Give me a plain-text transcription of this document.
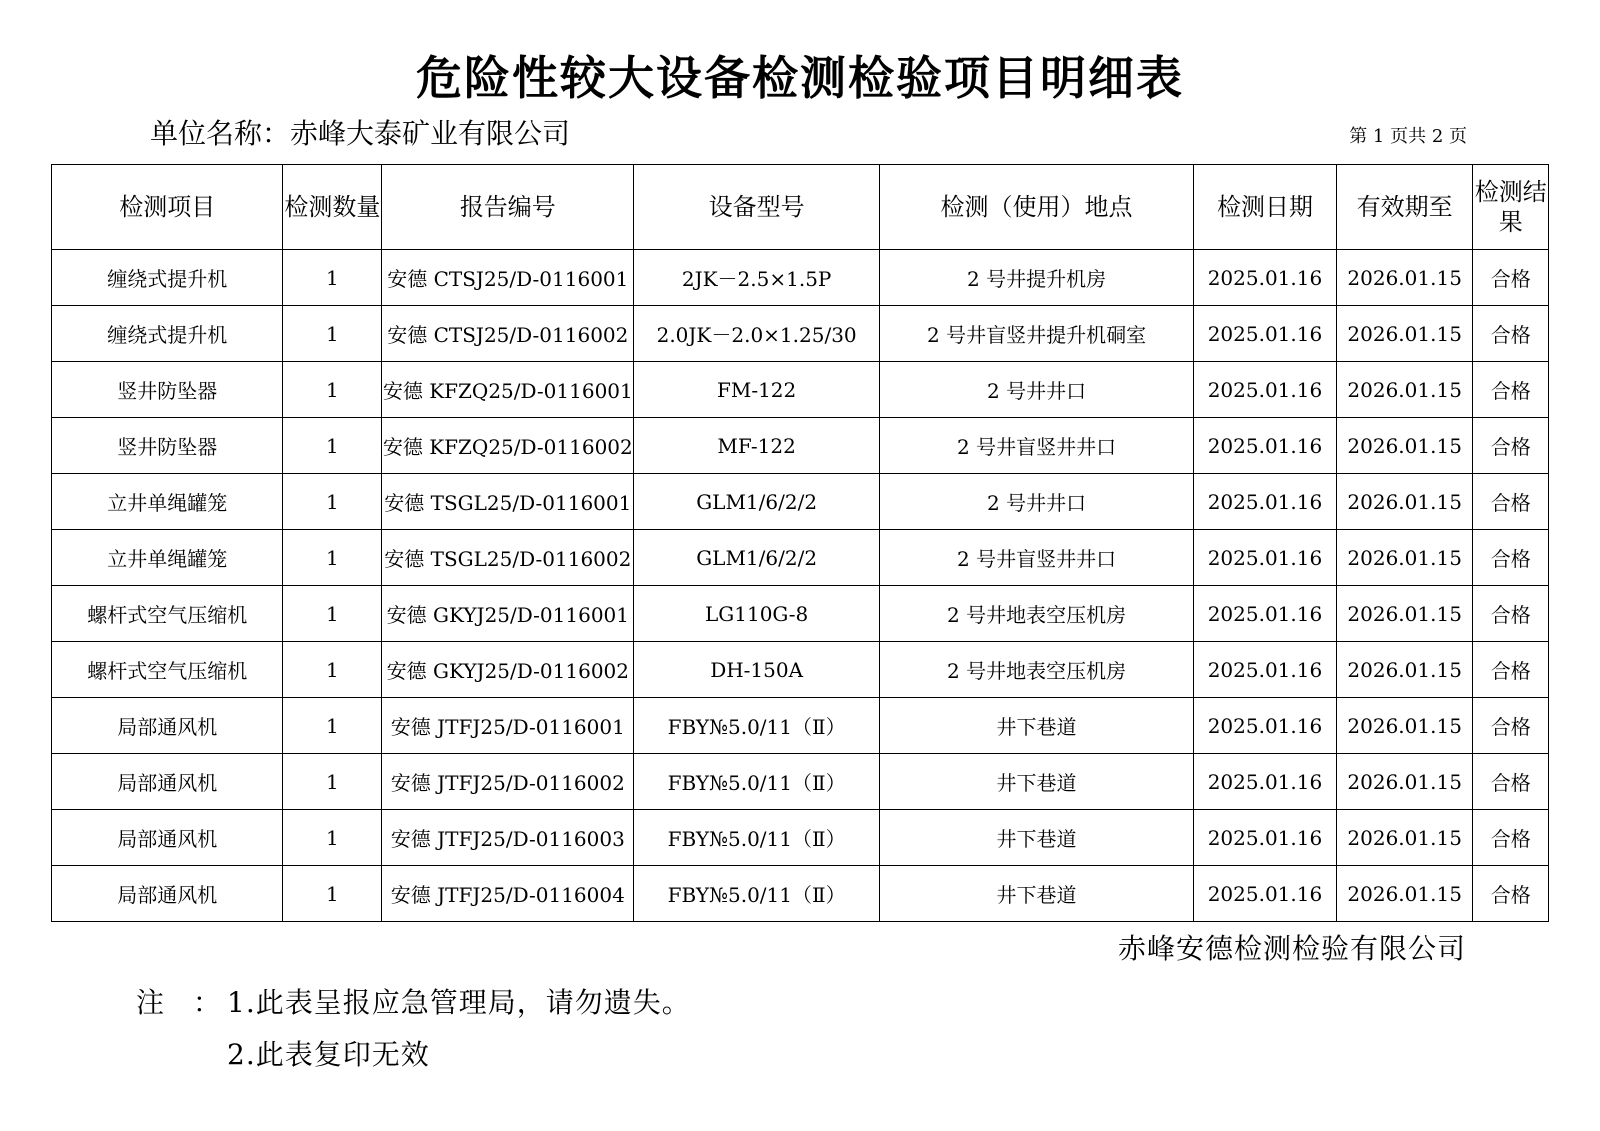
危险性较大设备检测检验项目明细表
单位名称：赤峰大泰矿业有限公司	第 1 页共 2 页
检测项目	检测数量	报告编号	设备型号	检测（使用）地点	检测日期	有效期至	检测结果
缠绕式提升机	1	安德 CTSJ25/D-0116001	2JK－2.5×1.5P	2 号井提升机房	2025.01.16	2026.01.15	合格
缠绕式提升机	1	安德 CTSJ25/D-0116002	2.0JK－2.0×1.25/30	2 号井盲竖井提升机硐室	2025.01.16	2026.01.15	合格
竖井防坠器	1	安德 KFZQ25/D-0116001	FM-122	2 号井井口	2025.01.16	2026.01.15	合格
竖井防坠器	1	安德 KFZQ25/D-0116002	MF-122	2 号井盲竖井井口	2025.01.16	2026.01.15	合格
立井单绳罐笼	1	安德 TSGL25/D-0116001	GLM1/6/2/2	2 号井井口	2025.01.16	2026.01.15	合格
立井单绳罐笼	1	安德 TSGL25/D-0116002	GLM1/6/2/2	2 号井盲竖井井口	2025.01.16	2026.01.15	合格
螺杆式空气压缩机	1	安德 GKYJ25/D-0116001	LG110G-8	2 号井地表空压机房	2025.01.16	2026.01.15	合格
螺杆式空气压缩机	1	安德 GKYJ25/D-0116002	DH-150A	2 号井地表空压机房	2025.01.16	2026.01.15	合格
局部通风机	1	安德 JTFJ25/D-0116001	FBY№5.0/11（Ⅱ）	井下巷道	2025.01.16	2026.01.15	合格
局部通风机	1	安德 JTFJ25/D-0116002	FBY№5.0/11（Ⅱ）	井下巷道	2025.01.16	2026.01.15	合格
局部通风机	1	安德 JTFJ25/D-0116003	FBY№5.0/11（Ⅱ）	井下巷道	2025.01.16	2026.01.15	合格
局部通风机	1	安德 JTFJ25/D-0116004	FBY№5.0/11（Ⅱ）	井下巷道	2025.01.16	2026.01.15	合格
赤峰安德检测检验有限公司
注 ：
1.此表呈报应急管理局，请勿遗失。
2.此表复印无效
